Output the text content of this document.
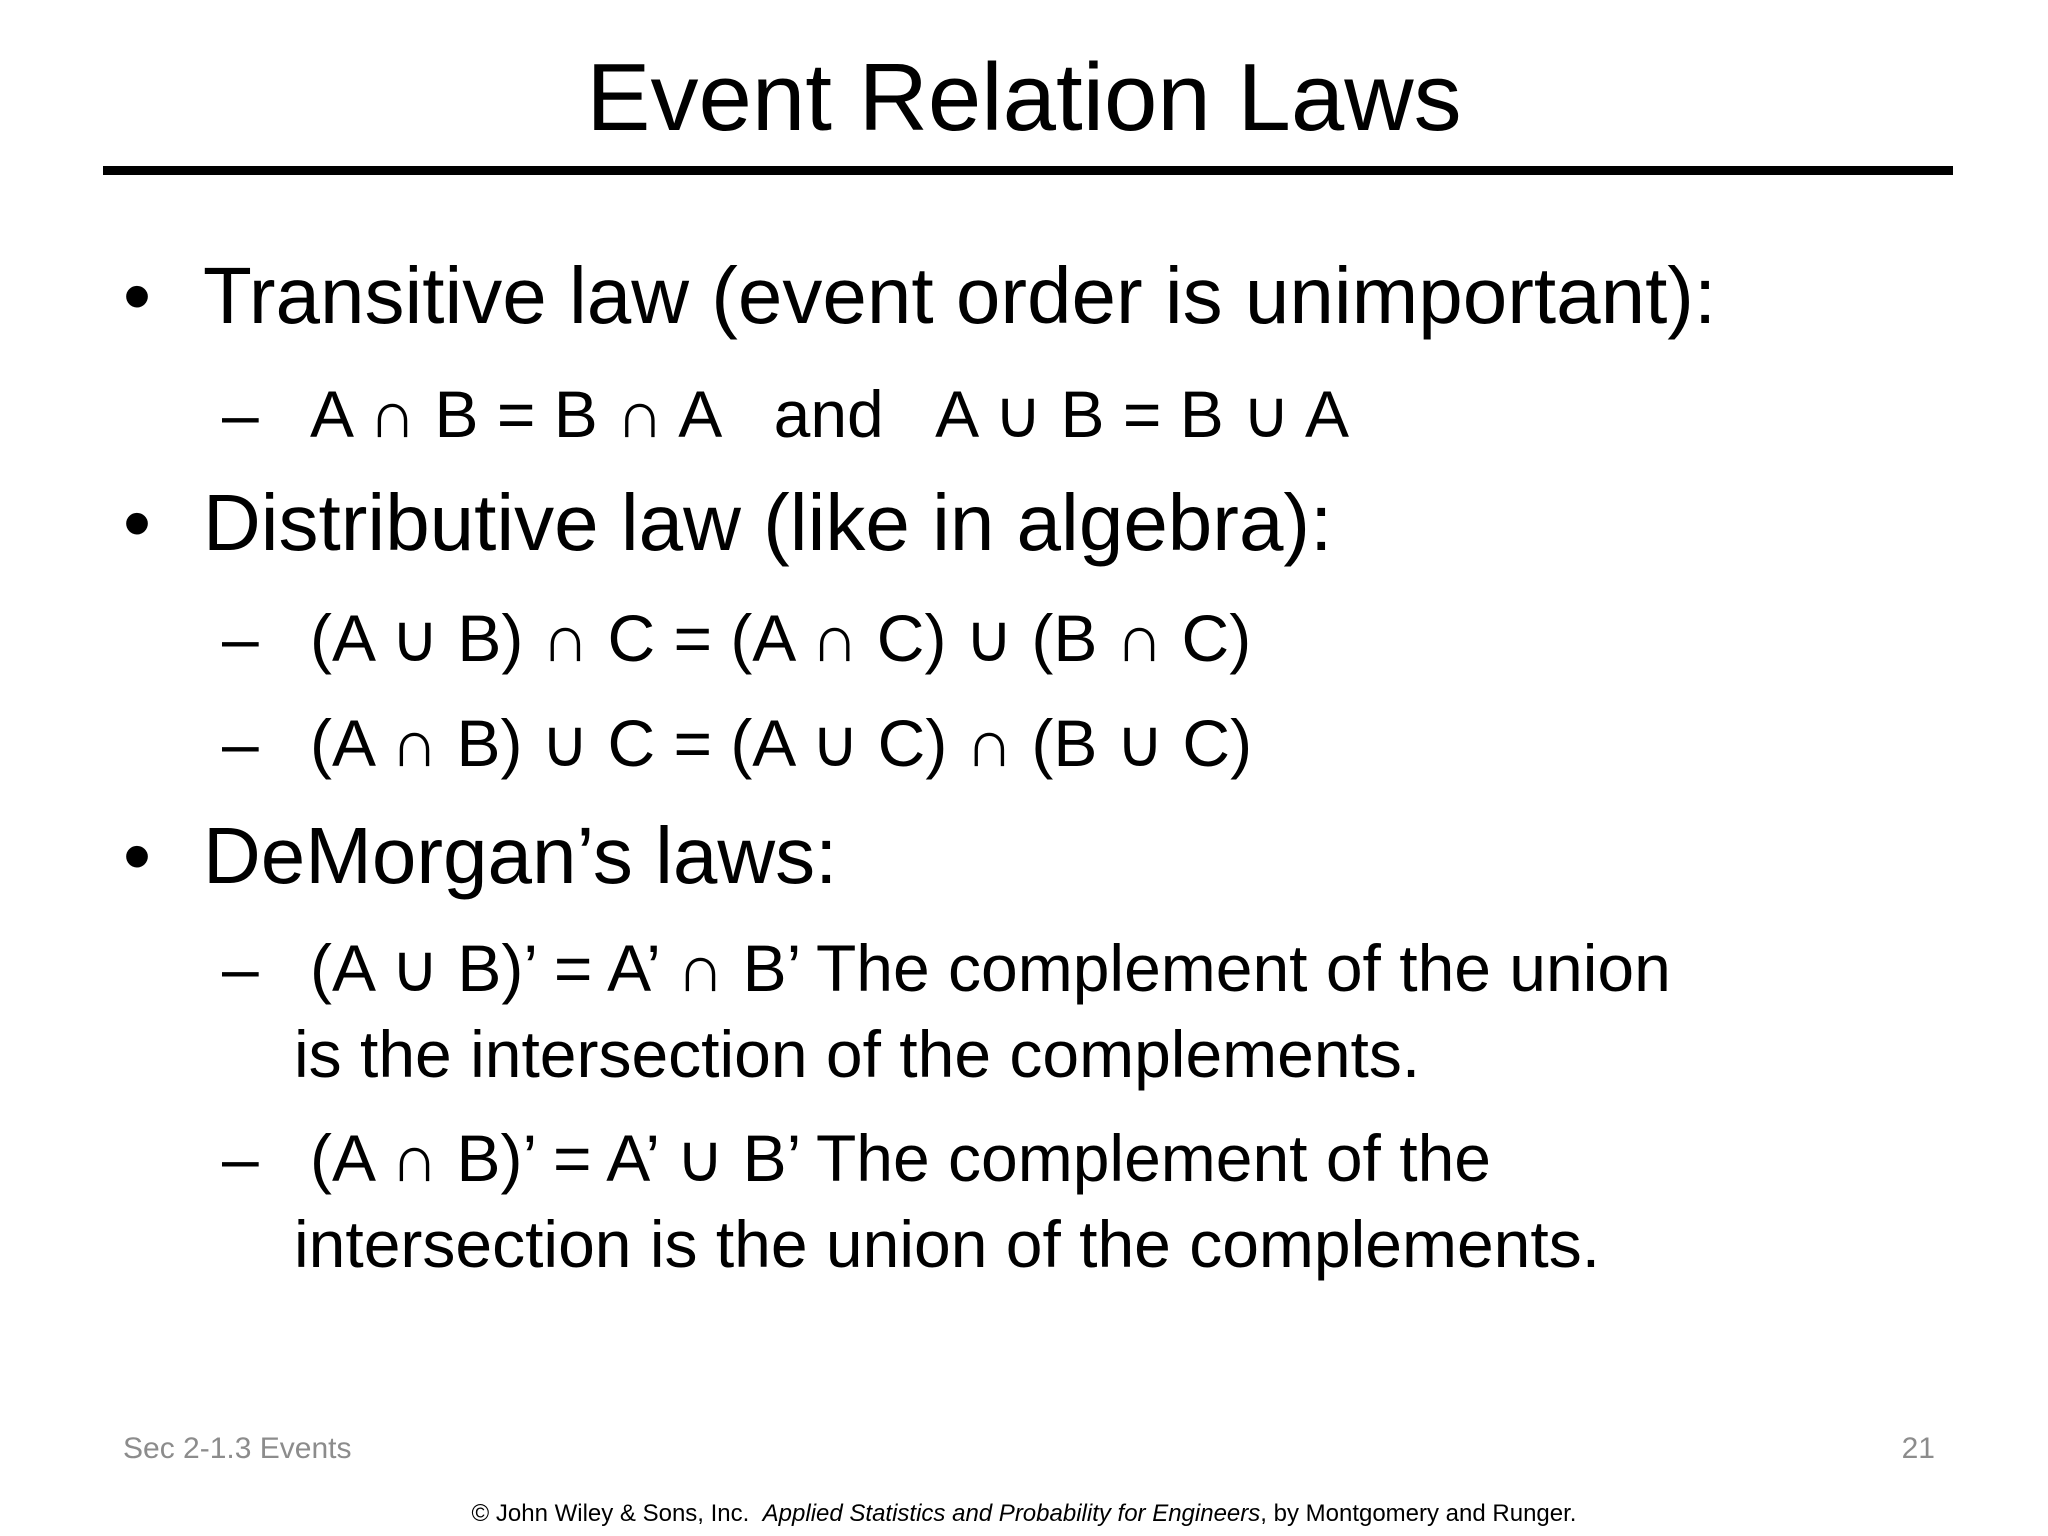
Event Relation Laws
• Transitive law (event order is unimportant):
– A ∩ B = B ∩ A   and   A ∪ B = B ∪ A
• Distributive law (like in algebra):
– (A ∪ B) ∩ C = (A ∩ C) ∪ (B ∩ C)
– (A ∩ B) ∪ C = (A ∪ C) ∩ (B ∪ C)
• DeMorgan’s laws:
– (A ∪ B)’ = A’ ∩ B’ The complement of the union
is the intersection of the complements.
– (A ∩ B)’ = A’ ∪ B’ The complement of the
intersection is the union of the complements.
Sec 2-1.3 Events	21
© John Wiley & Sons, Inc.  Applied Statistics and Probability for Engineers, by Montgomery and Runger.
